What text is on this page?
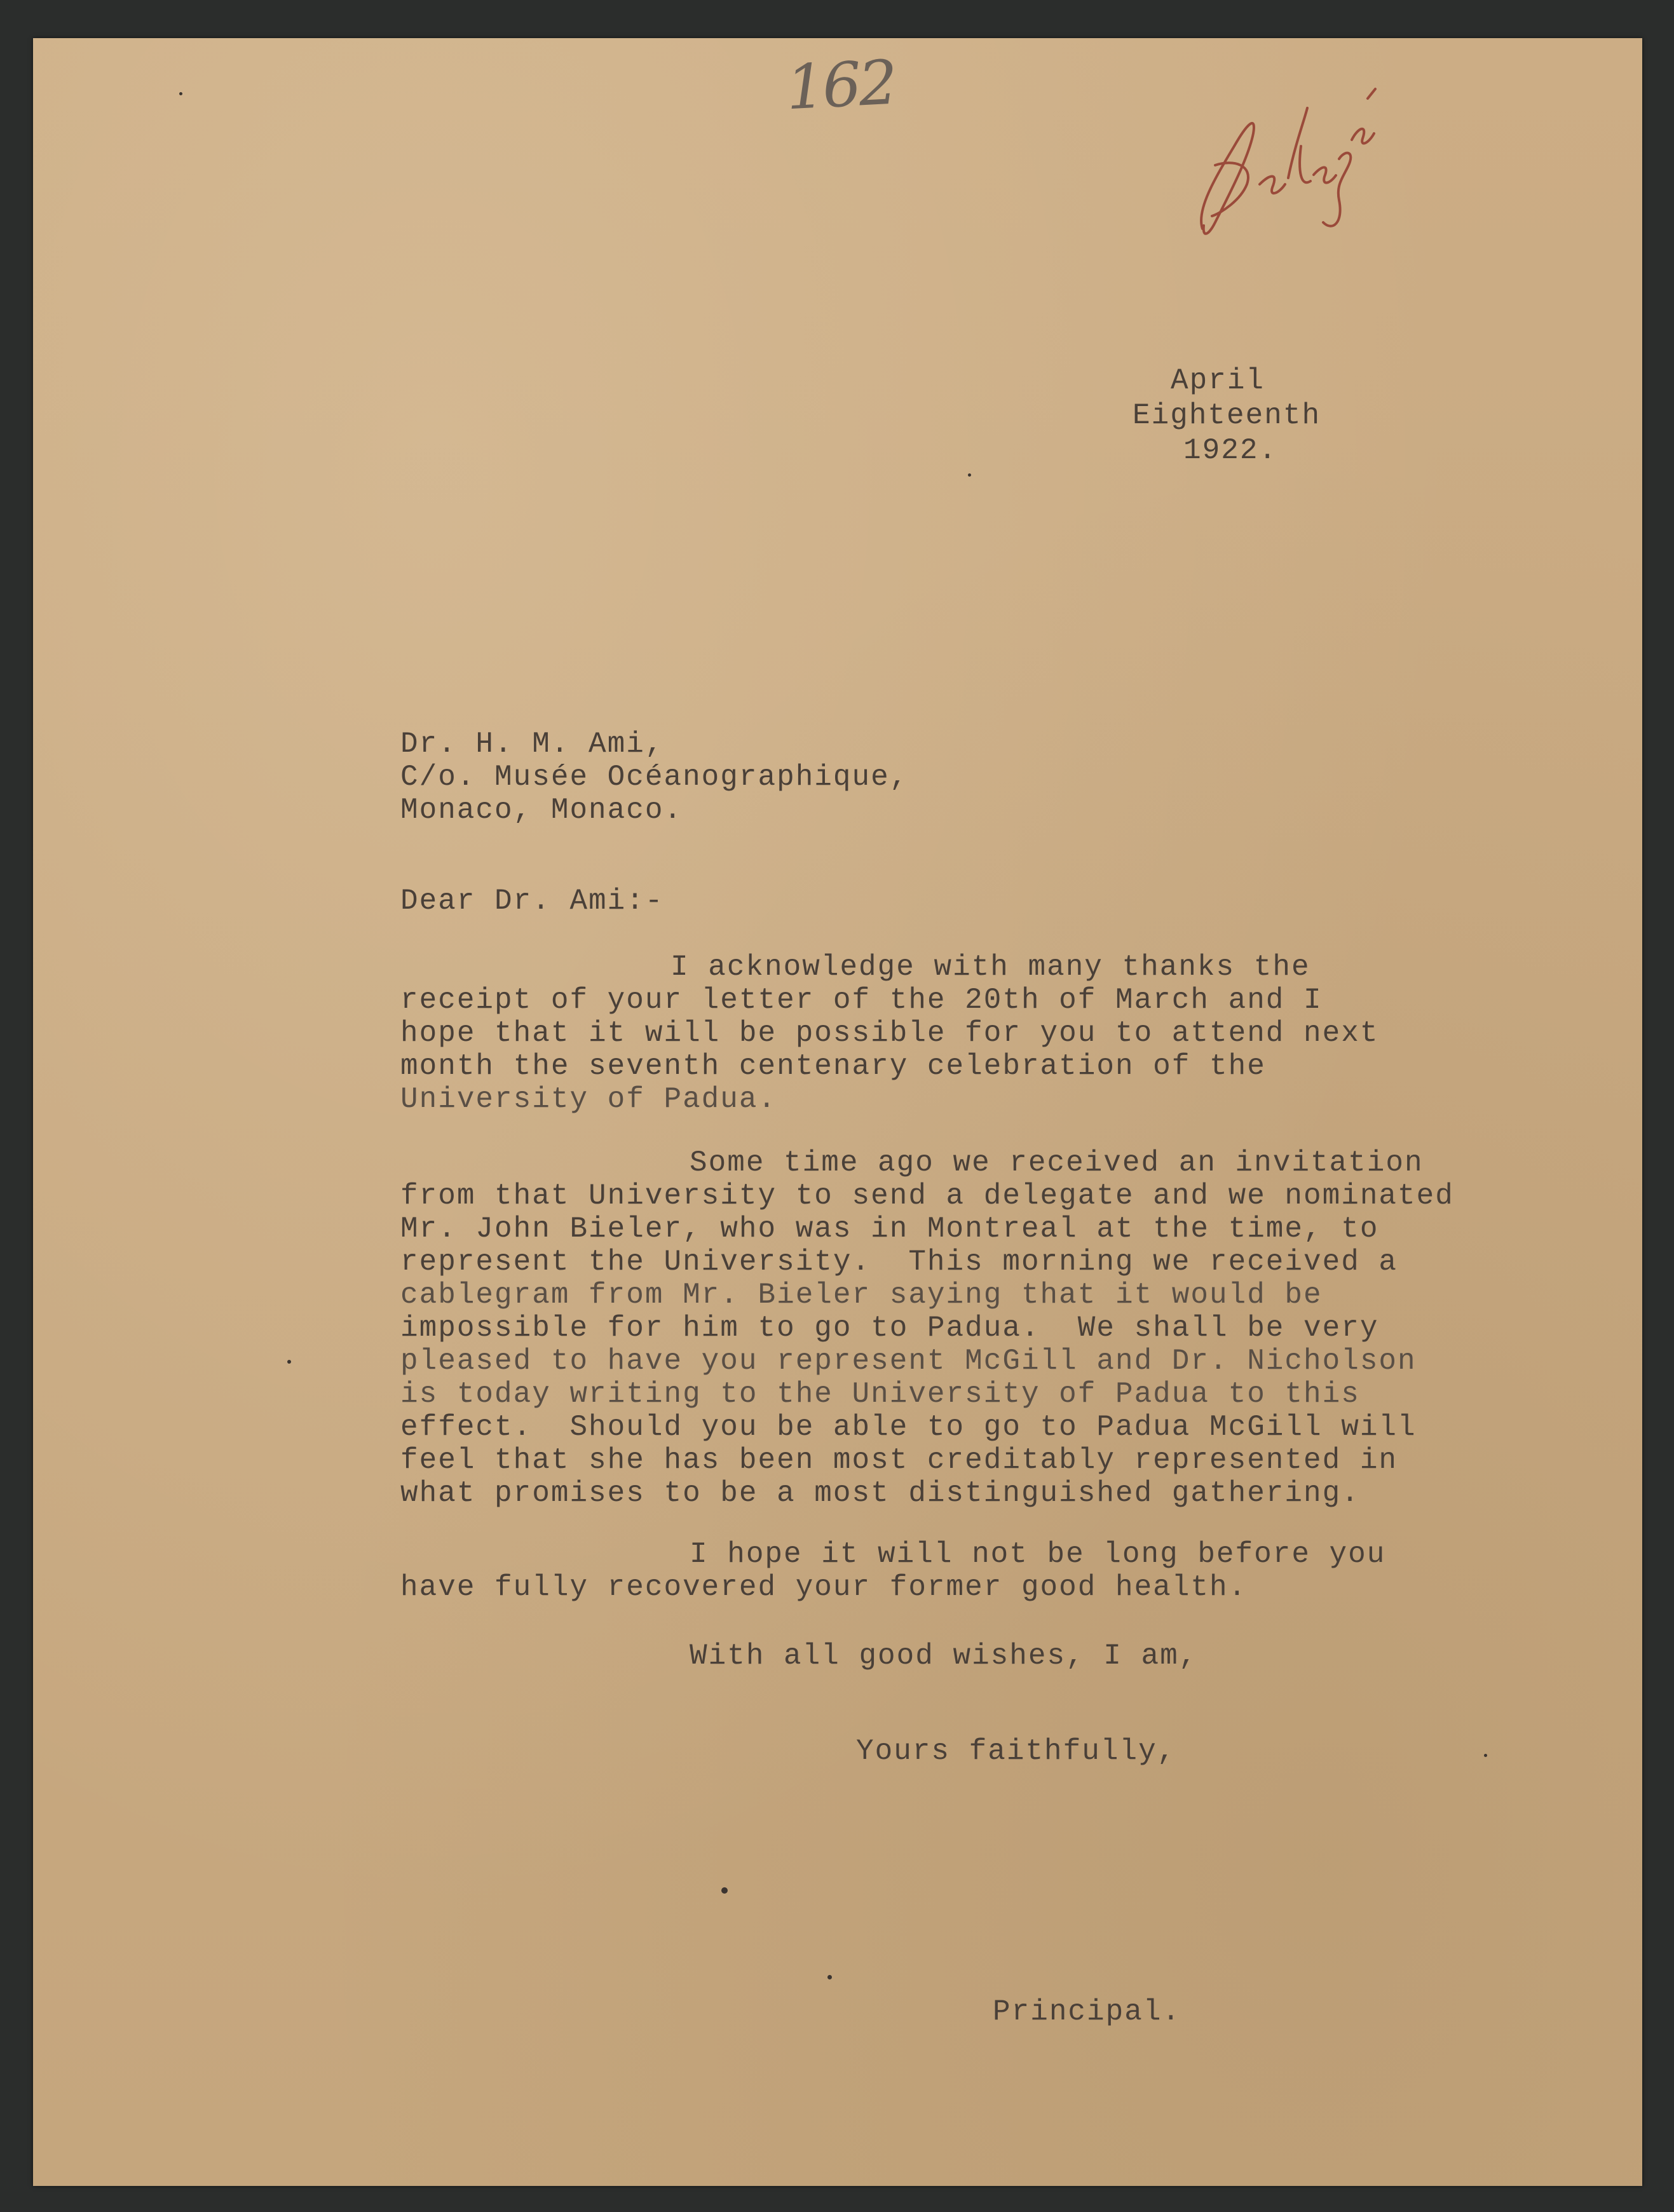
162

April

Eighteenth

1922.

Dr. H. M. Ami,

C/o. Musée Océanographique,

Monaco, Monaco.

Dear Dr. Ami:-

I acknowledge with many thanks the

receipt of your letter of the 20th of March and I

hope that it will be possible for you to attend next

month the seventh centenary celebration of the

University of Padua.

Some time ago we received an invitation

from that University to send a delegate and we nominated

Mr. John Bieler, who was in Montreal at the time, to

represent the University.  This morning we received a

cablegram from Mr. Bieler saying that it would be

impossible for him to go to Padua.  We shall be very

pleased to have you represent McGill and Dr. Nicholson

is today writing to the University of Padua to this

effect.  Should you be able to go to Padua McGill will

feel that she has been most creditably represented in

what promises to be a most distinguished gathering.

I hope it will not be long before you

have fully recovered your former good health.

With all good wishes, I am,
Yours faithfully,
Principal.
